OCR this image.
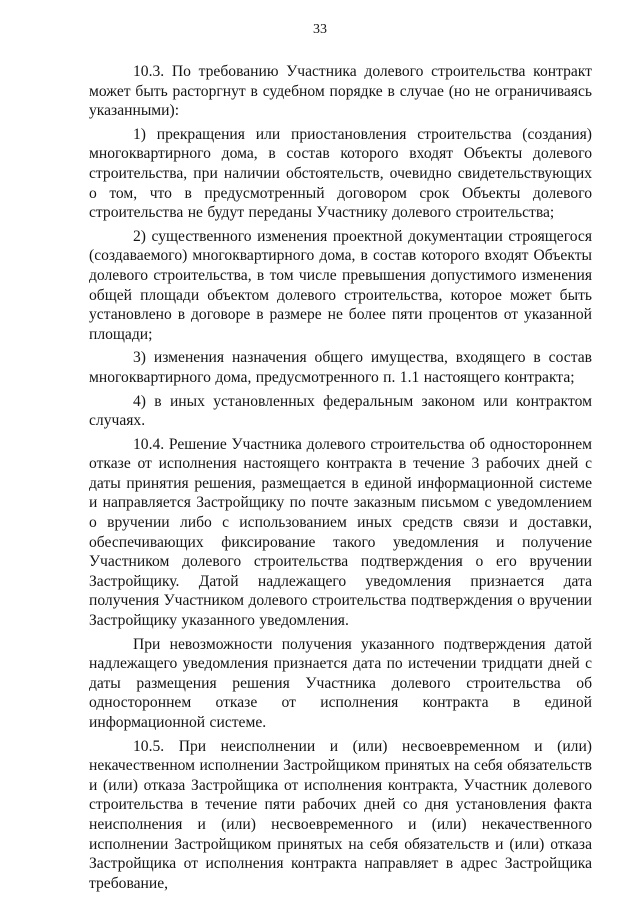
33

10.3. По требованию Участника долевого строительства контракт может быть расторгнут в судебном порядке в случае (но не ограничиваясь указанными):

1) прекращения или приостановления строительства (создания) многоквартирного дома, в состав которого входят Объекты долевого строительства, при наличии обстоятельств, очевидно свидетельствующих о том, что в предусмотренный договором срок Объекты долевого строительства не будут переданы Участнику долевого строительства;

2) существенного изменения проектной документации строящегося (создаваемого) многоквартирного дома, в состав которого входят Объекты долевого строительства, в том числе превышения допустимого изменения общей площади объектом долевого строительства, которое может быть установлено в договоре в размере не более пяти процентов от указанной площади;

3) изменения назначения общего имущества, входящего в состав многоквартирного дома, предусмотренного п. 1.1 настоящего контракта;

4) в иных установленных федеральным законом или контрактом случаях.

10.4. Решение Участника долевого строительства об одностороннем отказе от исполнения настоящего контракта в течение 3 рабочих дней с даты принятия решения, размещается в единой информационной системе и направляется Застройщику по почте заказным письмом с уведомлением о вручении либо с использованием иных средств связи и доставки, обеспечивающих фиксирование такого уведомления и получение Участником долевого строительства подтверждения о его вручении Застройщику. Датой надлежащего уведомления признается дата получения Участником долевого строительства подтверждения о вручении Застройщику указанного уведомления.

При невозможности получения указанного подтверждения датой надлежащего уведомления признается дата по истечении тридцати дней с даты размещения решения Участника долевого строительства об одностороннем отказе от исполнения контракта в единой информационной системе.

10.5. При неисполнении и (или) несвоевременном и (или) некачественном исполнении Застройщиком принятых на себя обязательств и (или) отказа Застройщика от исполнения контракта, Участник долевого строительства в течение пяти рабочих дней со дня установления факта неисполнения и (или) несвоевременного и (или) некачественного исполнении Застройщиком принятых на себя обязательств и (или) отказа Застройщика от исполнения контракта направляет в адрес Застройщика требование,
